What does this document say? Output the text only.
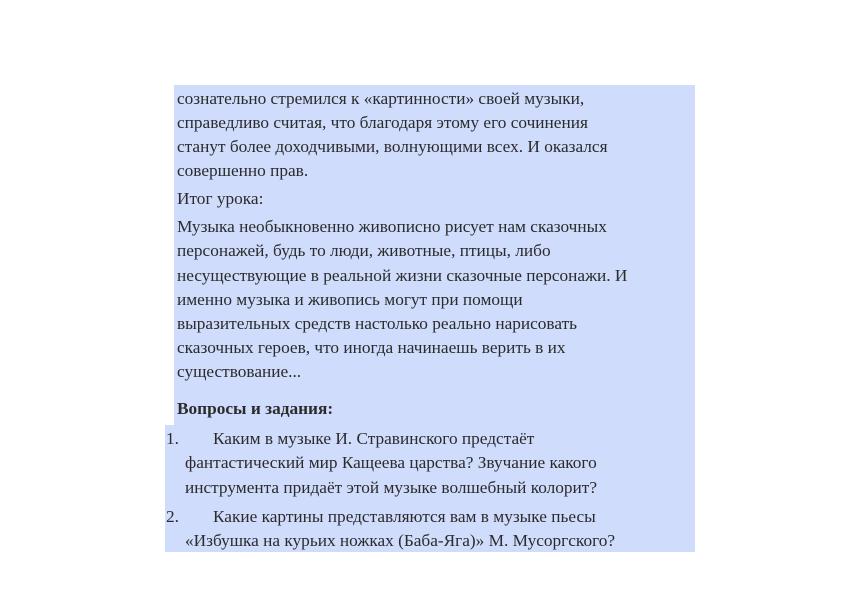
сознательно стремился к «картинности» своей музыки,
справедливо считая, что благодаря этому его сочинения
станут более доходчивыми, волнующими всех. И оказался
совершенно прав.
Итог урока:
Музыка необыкновенно живописно рисует нам сказочных
персонажей, будь то люди, животные, птицы, либо
несуществующие в реальной жизни сказочные персонажи. И
именно музыка и живопись могут при помощи
выразительных средств настолько реально нарисовать
сказочных героев, что иногда начинаешь верить в их
существование...
Вопросы и задания:
1. Каким в музыке И. Стравинского предстаёт
фантастический мир Кащеева царства? Звучание какого
инструмента придаёт этой музыке волшебный колорит?
2. Какие картины представляются вам в музыке пьесы
«Избушка на курьих ножках (Баба-Яга)» М. Мусоргского?
